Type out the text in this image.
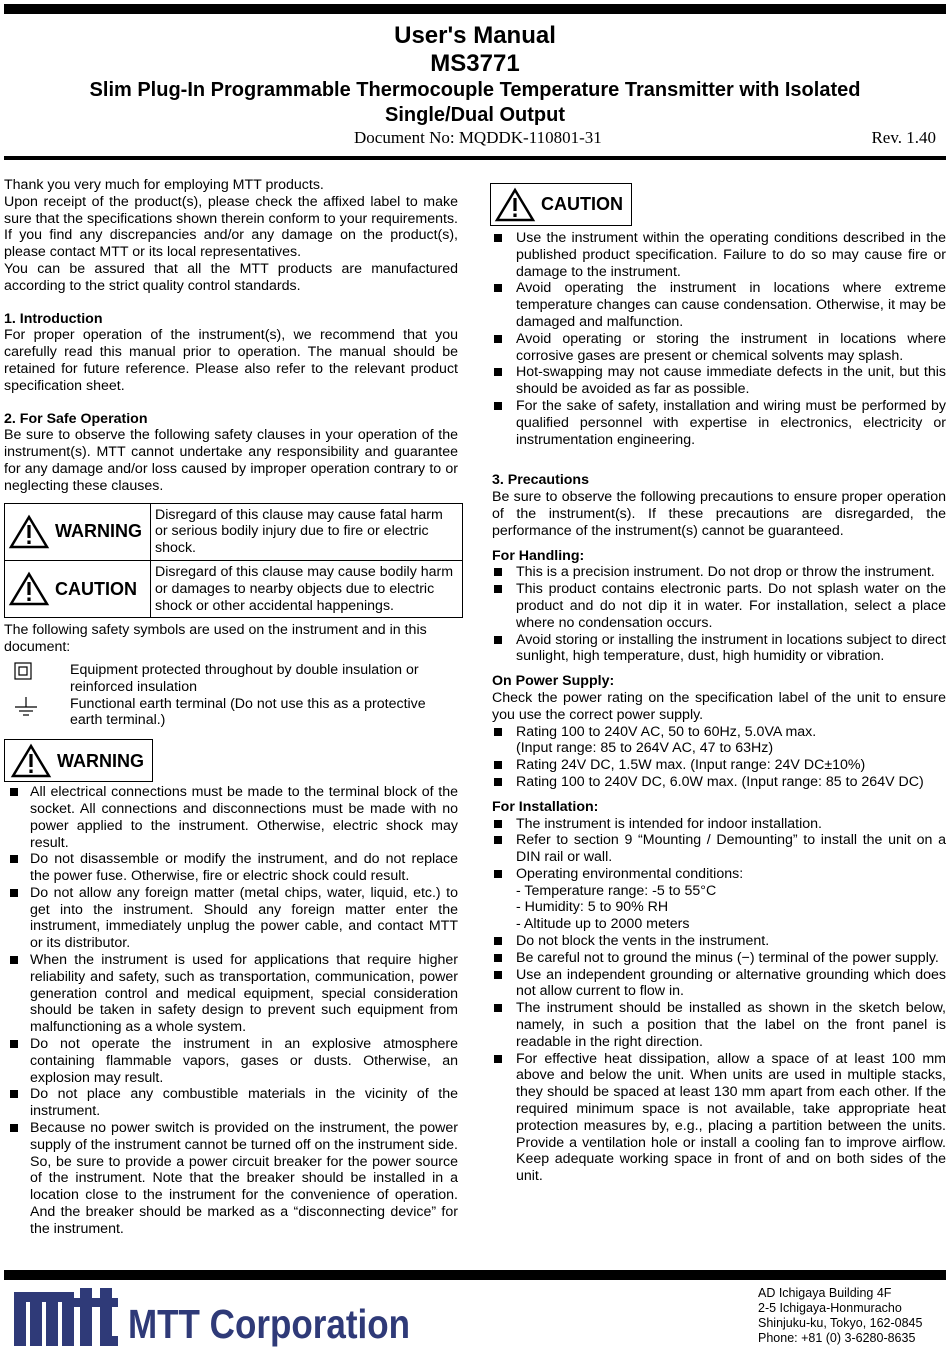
User's Manual
MS3771
Slim Plug-In Programmable Thermocouple Temperature Transmitter with Isolated Single/Dual Output
Document No: MQDDK-110801-31	Rev. 1.40

Thank you very much for employing MTT products.

Upon receipt of the product(s), please check the affixed label to make sure that the specifications shown therein conform to your requirements. If you find any discrepancies and/or any damage on the product(s), please contact MTT or its local representatives.

You can be assured that all the MTT products are manufactured according to the strict quality control standards.

1. Introduction

For proper operation of the instrument(s), we recommend that you carefully read this manual prior to operation. The manual should be retained for future reference. Please also refer to the relevant product specification sheet.

2. For Safe Operation

Be sure to observe the following safety clauses in your operation of the instrument(s). MTT cannot undertake any responsibility and guarantee for any damage and/or loss caused by improper operation contrary to or neglecting these clauses.

WARNING	Disregard of this clause may cause fatal harm or serious bodily injury due to fire or electric shock.

CAUTION	Disregard of this clause may cause bodily harm or damages to nearby objects due to electric shock or other accidental happenings.

The following safety symbols are used on the instrument and in this document:

Equipment protected throughout by double insulation or reinforced insulation
Functional earth terminal (Do not use this as a protective earth terminal.)
WARNING
All electrical connections must be made to the terminal block of the socket. All connections and disconnections must be made with no power applied to the instrument. Otherwise, electric shock may result.
Do not disassemble or modify the instrument, and do not replace the power fuse. Otherwise, fire or electric shock could result.
Do not allow any foreign matter (metal chips, water, liquid, etc.) to get into the instrument. Should any foreign matter enter the instrument, immediately unplug the power cable, and contact MTT or its distributor.
When the instrument is used for applications that require higher reliability and safety, such as transportation, communication, power generation control and medical equipment, special consideration should be taken in safety design to prevent such equipment from malfunctioning as a whole system.
Do not operate the instrument in an explosive atmosphere containing flammable vapors, gases or dusts. Otherwise, an explosion may result.
Do not place any combustible materials in the vicinity of the instrument.
Because no power switch is provided on the instrument, the power supply of the instrument cannot be turned off on the instrument side. So, be sure to provide a power circuit breaker for the power source of the instrument. Note that the breaker should be installed in a location close to the instrument for the convenience of operation. And the breaker should be marked as a “disconnecting device” for the instrument.
CAUTION
Use the instrument within the operating conditions described in the published product specification. Failure to do so may cause fire or damage to the instrument.
Avoid operating the instrument in locations where extreme temperature changes can cause condensation. Otherwise, it may be damaged and malfunction.
Avoid operating or storing the instrument in locations where corrosive gases are present or chemical solvents may splash.
Hot-swapping may not cause immediate defects in the unit, but this should be avoided as far as possible.
For the sake of safety, installation and wiring must be performed by qualified personnel with expertise in electronics, electricity or instrumentation engineering.

3. Precautions

Be sure to observe the following precautions to ensure proper operation of the instrument(s). If these precautions are disregarded, the performance of the instrument(s) cannot be guaranteed.

For Handling:

This is a precision instrument. Do not drop or throw the instrument.
This product contains electronic parts. Do not splash water on the product and do not dip it in water. For installation, select a place where no condensation occurs.
Avoid storing or installing the instrument in locations subject to direct sunlight, high temperature, dust, high humidity or vibration.

On Power Supply:

Check the power rating on the specification label of the unit to ensure you use the correct power supply.

Rating 100 to 240V AC, 50 to 60Hz, 5.0VA max.
(Input range: 85 to 264V AC, 47 to 63Hz)
Rating 24V DC, 1.5W max. (Input range: 24V DC±10%)
Rating 100 to 240V DC, 6.0W max. (Input range: 85 to 264V DC)

For Installation:

The instrument is intended for indoor installation.
Refer to section 9 “Mounting / Demounting” to install the unit on a DIN rail or wall.
Operating environmental conditions:
- Temperature range: -5 to 55°C
- Humidity: 5 to 90% RH
- Altitude up to 2000 meters
Do not block the vents in the instrument.
Be careful not to ground the minus (−) terminal of the power supply.
Use an independent grounding or alternative grounding which does not allow current to flow in.
The instrument should be installed as shown in the sketch below, namely, in such a position that the label on the front panel is readable in the right direction.
For effective heat dissipation, allow a space of at least 100 mm above and below the unit. When units are used in multiple stacks, they should be spaced at least 130 mm apart from each other. If the required minimum space is not available, take appropriate heat protection measures by, e.g., placing a partition between the units. Provide a ventilation hole or install a cooling fan to improve airflow. Keep adequate working space in front of and on both sides of the unit.
MTT Corporation
AD Ichigaya Building 4F
2-5 Ichigaya-Honmuracho
Shinjuku-ku, Tokyo, 162-0845
Phone: +81 (0) 3-6280-8635
